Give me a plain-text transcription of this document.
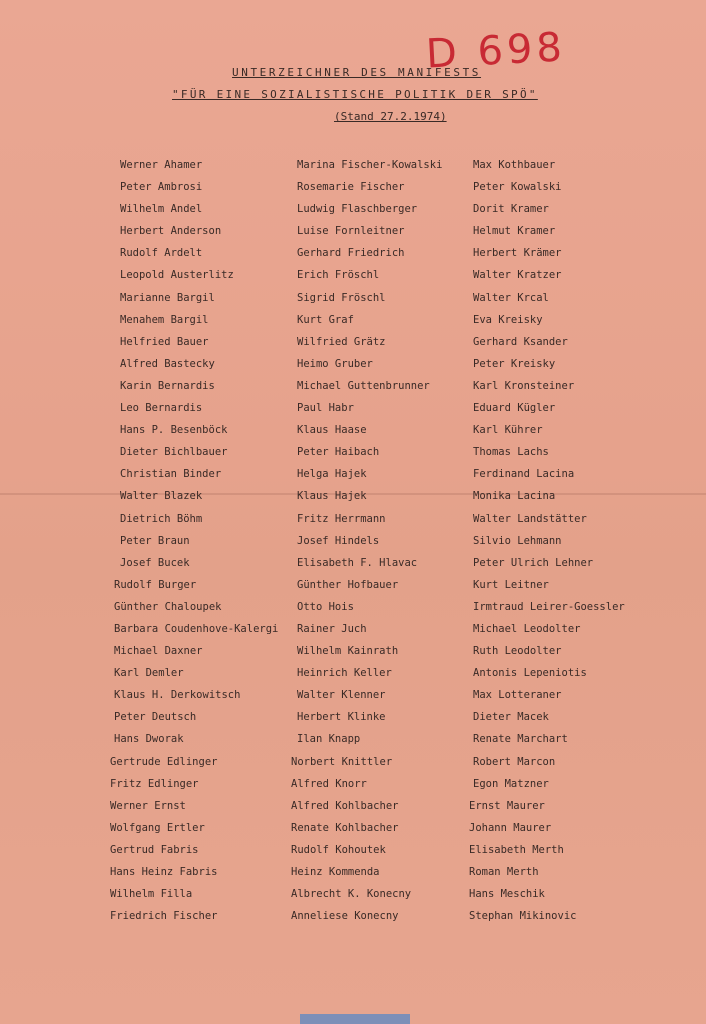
UNTERZEICHNER DES MANIFESTS
"FÜR EINE SOZIALISTISCHE POLITIK DER SPÖ"
(Stand 27.2.1974)
D 698
Werner Ahamer
Peter Ambrosi
Wilhelm Andel
Herbert Anderson
Rudolf Ardelt
Leopold Austerlitz
Marianne Bargil
Menahem Bargil
Helfried Bauer
Alfred Bastecky
Karin Bernardis
Leo Bernardis
Hans P. Besenböck
Dieter Bichlbauer
Christian Binder
Walter Blazek
Dietrich Böhm
Peter Braun
Josef Bucek
Rudolf Burger
Günther Chaloupek
Barbara Coudenhove-Kalergi
Michael Daxner
Karl Demler
Klaus H. Derkowitsch
Peter Deutsch
Hans Dworak
Gertrude Edlinger
Fritz Edlinger
Werner Ernst
Wolfgang Ertler
Gertrud Fabris
Hans Heinz Fabris
Wilhelm Filla
Friedrich Fischer
Marina Fischer-Kowalski
Rosemarie Fischer
Ludwig Flaschberger
Luise Fornleitner
Gerhard Friedrich
Erich Fröschl
Sigrid Fröschl
Kurt Graf
Wilfried Grätz
Heimo Gruber
Michael Guttenbrunner
Paul Habr
Klaus Haase
Peter Haibach
Helga Hajek
Klaus Hajek
Fritz Herrmann
Josef Hindels
Elisabeth F. Hlavac
Günther Hofbauer
Otto Hois
Rainer Juch
Wilhelm Kainrath
Heinrich Keller
Walter Klenner
Herbert Klinke
Ilan Knapp
Norbert Knittler
Alfred Knorr
Alfred Kohlbacher
Renate Kohlbacher
Rudolf Kohoutek
Heinz Kommenda
Albrecht K. Konecny
Anneliese Konecny
Max Kothbauer
Peter Kowalski
Dorit Kramer
Helmut Kramer
Herbert Krämer
Walter Kratzer
Walter Krcal
Eva Kreisky
Gerhard Ksander
Peter Kreisky
Karl Kronsteiner
Eduard Kügler
Karl Kührer
Thomas Lachs
Ferdinand Lacina
Monika Lacina
Walter Landstätter
Silvio Lehmann
Peter Ulrich Lehner
Kurt Leitner
Irmtraud Leirer-Goessler
Michael Leodolter
Ruth Leodolter
Antonis Lepeniotis
Max Lotteraner
Dieter Macek
Renate Marchart
Robert Marcon
Egon Matzner
Ernst Maurer
Johann Maurer
Elisabeth Merth
Roman Merth
Hans Meschik
Stephan Mikinovic
